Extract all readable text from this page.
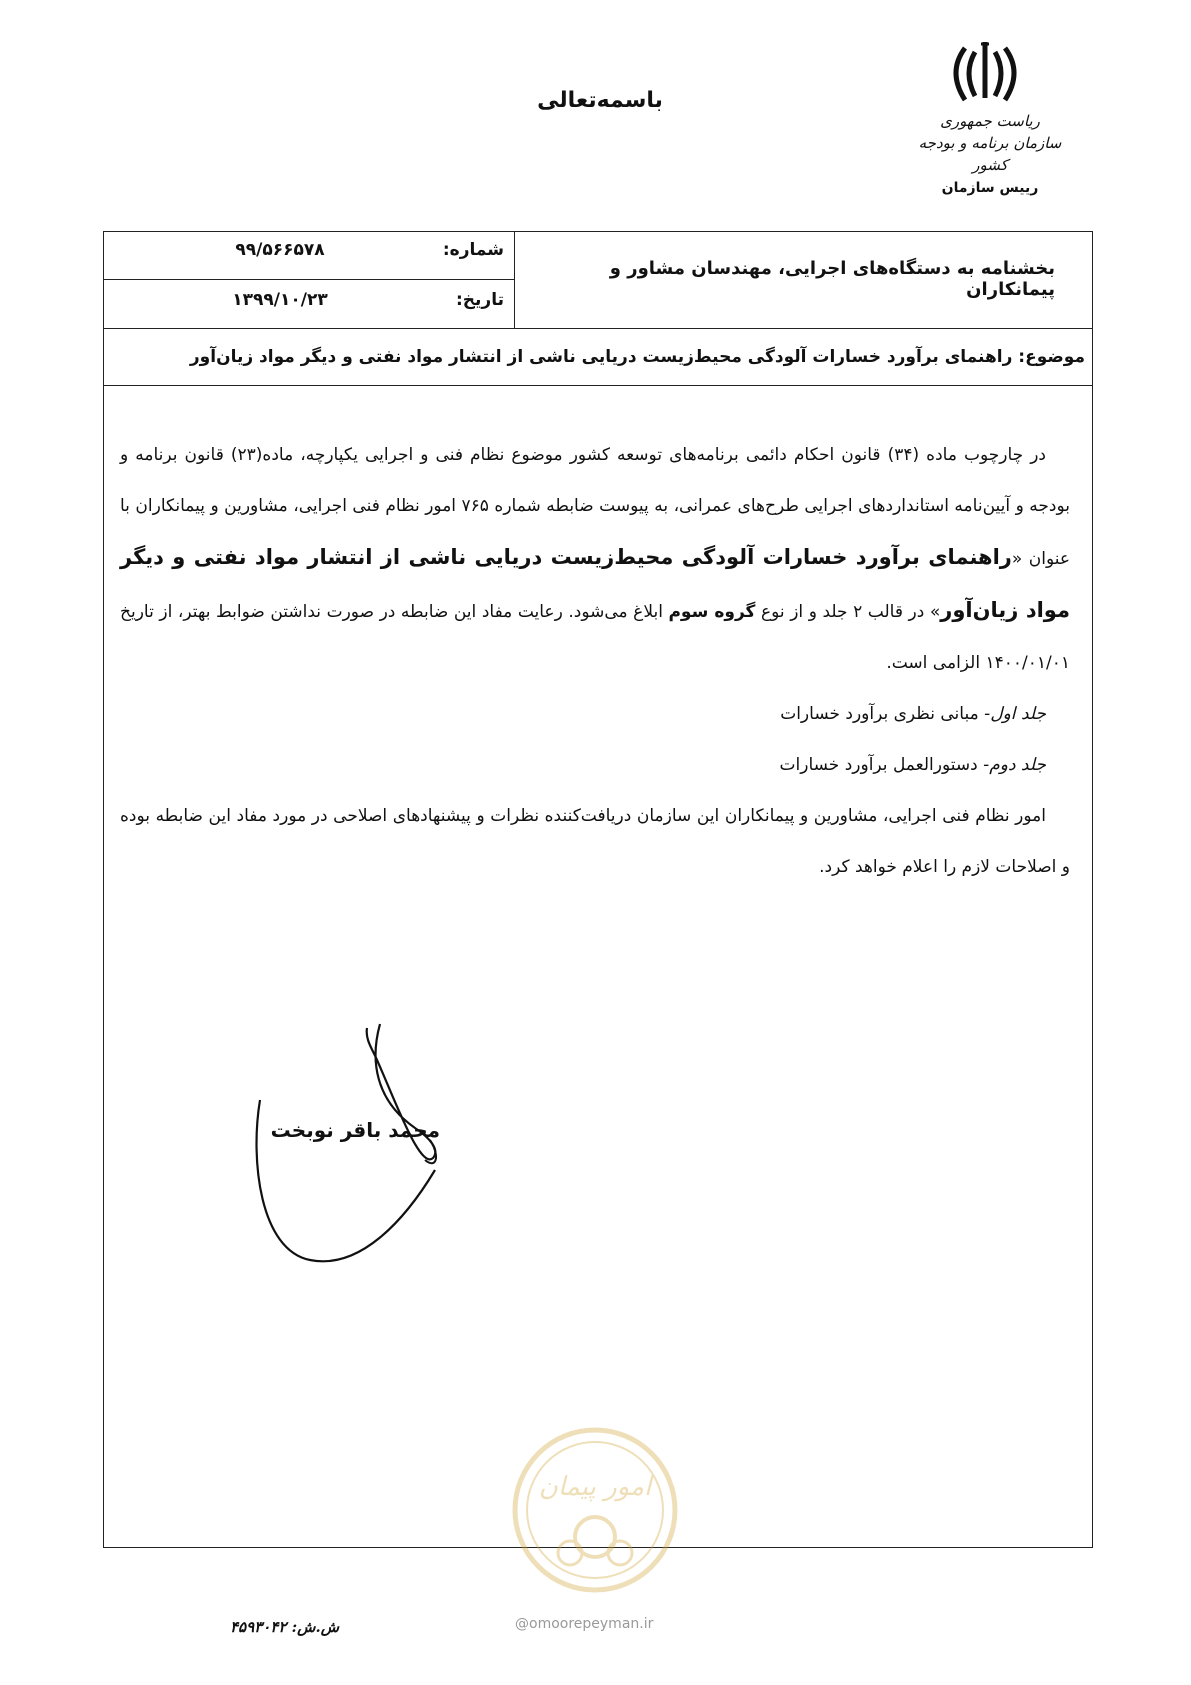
باسمه‌تعالی
ریاست جمهوری
سازمان برنامه و بودجه کشور
رییس سازمان
شماره:
۹۹/۵۶۶۵۷۸
تاریخ:
۱۳۹۹/۱۰/۲۳
بخشنامه به دستگاه‌های اجرایی، مهندسان مشاور و پیمانکاران
موضوع: راهنمای برآورد خسارات آلودگی محیط‌زیست دریایی ناشی از انتشار مواد نفتی و دیگر مواد زیان‌آور

در چارچوب ماده (۳۴) قانون احکام دائمی برنامه‌های توسعه کشور موضوع نظام فنی و اجرایی یکپارچه، ماده(۲۳) قانون برنامه و بودجه و آیین‌نامه استانداردهای اجرایی طرح‌های عمرانی، به پیوست ضابطه شماره ۷۶۵ امور نظام فنی اجرایی، مشاورین و پیمانکاران با عنوان «راهنمای برآورد خسارات آلودگی محیط‌زیست دریایی ناشی از انتشار مواد نفتی و دیگر مواد زیان‌آور» در قالب ۲ جلد و از نوع گروه سوم ابلاغ می‌شود. رعایت مفاد این ضابطه در صورت نداشتن ضوابط بهتر، از تاریخ ۱۴۰۰/۰۱/۰۱ الزامی است.

جلد اول- مبانی نظری برآورد خسارات
جلد دوم- دستورالعمل برآورد خسارات

امور نظام فنی اجرایی، مشاورین و پیمانکاران این سازمان دریافت‌کننده نظرات و پیشنهادهای اصلاحی در مورد مفاد این ضابطه بوده و اصلاحات لازم را اعلام خواهد کرد.

محمد باقر نوبخت
امور پیمان
@omoorepeyman.ir
ش.ش: ۴۵۹۳۰۴۲
